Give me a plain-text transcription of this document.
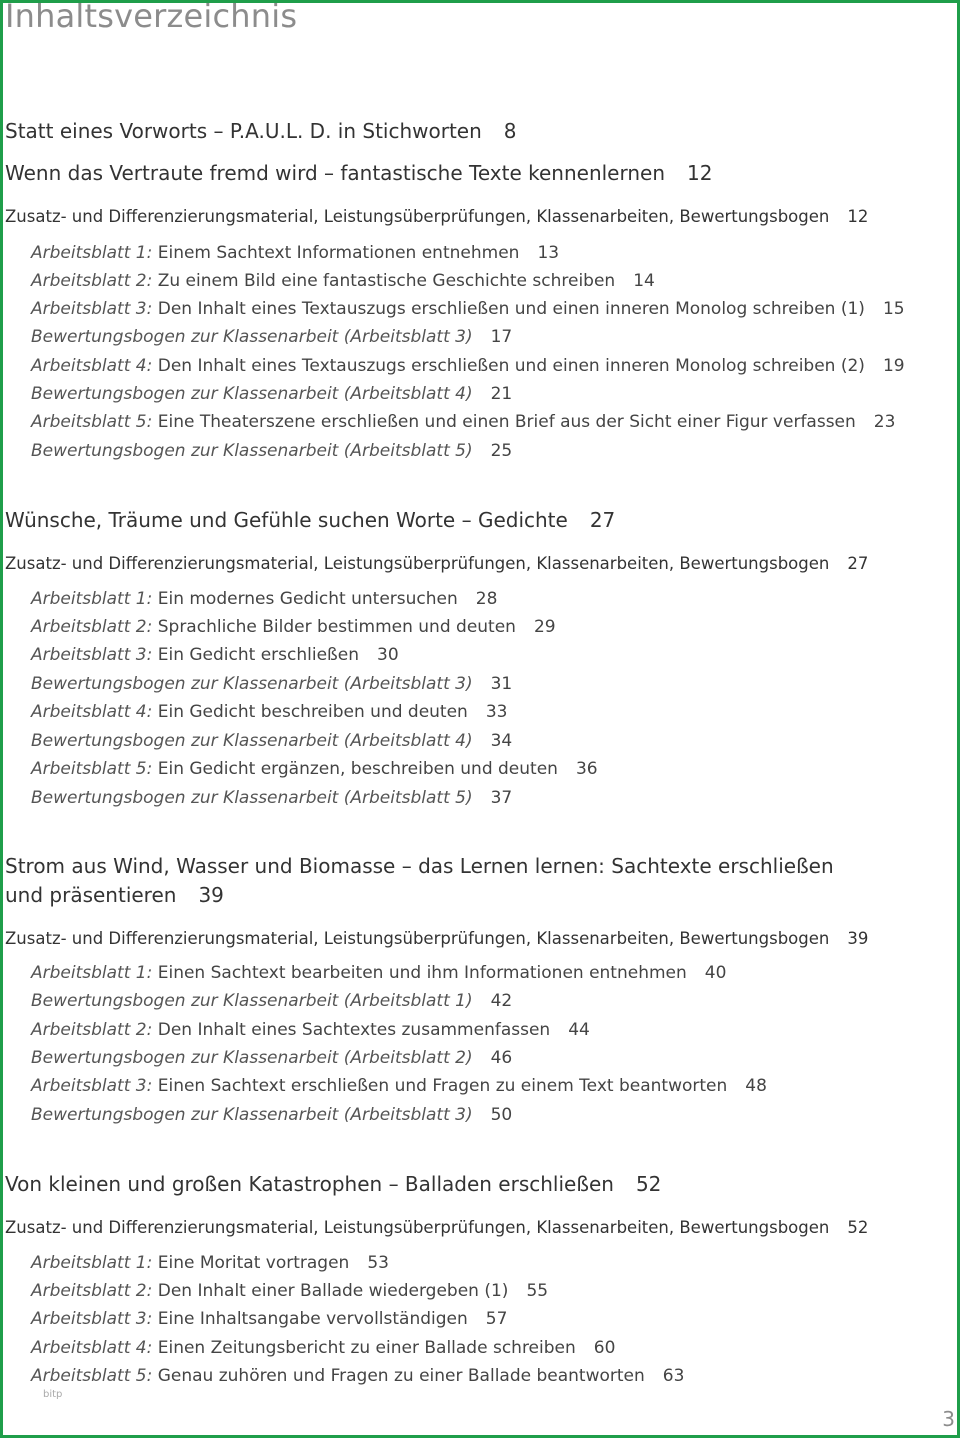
Inhaltsverzeichnis
Statt eines Vorworts – P.A.U.L. D. in Stichworten 8
Wenn das Vertraute fremd wird – fantastische Texte kennenlernen 12
Zusatz- und Differenzierungsmaterial, Leistungsüberprüfungen, Klassenarbeiten, Bewertungsbogen 12
Arbeitsblatt 1: Einem Sachtext Informationen entnehmen 13
Arbeitsblatt 2: Zu einem Bild eine fantastische Geschichte schreiben 14
Arbeitsblatt 3: Den Inhalt eines Textauszugs erschließen und einen inneren Monolog schreiben (1) 15
Bewertungsbogen zur Klassenarbeit (Arbeitsblatt 3) 17
Arbeitsblatt 4: Den Inhalt eines Textauszugs erschließen und einen inneren Monolog schreiben (2) 19
Bewertungsbogen zur Klassenarbeit (Arbeitsblatt 4) 21
Arbeitsblatt 5: Eine Theaterszene erschließen und einen Brief aus der Sicht einer Figur verfassen 23
Bewertungsbogen zur Klassenarbeit (Arbeitsblatt 5) 25
Wünsche, Träume und Gefühle suchen Worte – Gedichte 27
Zusatz- und Differenzierungsmaterial, Leistungsüberprüfungen, Klassenarbeiten, Bewertungsbogen 27
Arbeitsblatt 1: Ein modernes Gedicht untersuchen 28
Arbeitsblatt 2: Sprachliche Bilder bestimmen und deuten 29
Arbeitsblatt 3: Ein Gedicht erschließen 30
Bewertungsbogen zur Klassenarbeit (Arbeitsblatt 3) 31
Arbeitsblatt 4: Ein Gedicht beschreiben und deuten 33
Bewertungsbogen zur Klassenarbeit (Arbeitsblatt 4) 34
Arbeitsblatt 5: Ein Gedicht ergänzen, beschreiben und deuten 36
Bewertungsbogen zur Klassenarbeit (Arbeitsblatt 5) 37
Strom aus Wind, Wasser und Biomasse – das Lernen lernen: Sachtexte erschließen
und präsentieren 39
Zusatz- und Differenzierungsmaterial, Leistungsüberprüfungen, Klassenarbeiten, Bewertungsbogen 39
Arbeitsblatt 1: Einen Sachtext bearbeiten und ihm Informationen entnehmen 40
Bewertungsbogen zur Klassenarbeit (Arbeitsblatt 1) 42
Arbeitsblatt 2: Den Inhalt eines Sachtextes zusammenfassen 44
Bewertungsbogen zur Klassenarbeit (Arbeitsblatt 2) 46
Arbeitsblatt 3: Einen Sachtext erschließen und Fragen zu einem Text beantworten 48
Bewertungsbogen zur Klassenarbeit (Arbeitsblatt 3) 50
Von kleinen und großen Katastrophen – Balladen erschließen 52
Zusatz- und Differenzierungsmaterial, Leistungsüberprüfungen, Klassenarbeiten, Bewertungsbogen 52
Arbeitsblatt 1: Eine Moritat vortragen 53
Arbeitsblatt 2: Den Inhalt einer Ballade wiedergeben (1) 55
Arbeitsblatt 3: Eine Inhaltsangabe vervollständigen 57
Arbeitsblatt 4: Einen Zeitungsbericht zu einer Ballade schreiben 60
Arbeitsblatt 5: Genau zuhören und Fragen zu einer Ballade beantworten 63
bitp
3
